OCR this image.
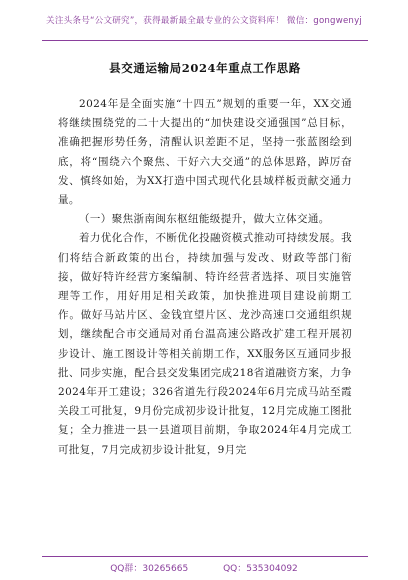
关注头条号“公文研究”，获得最新最全最专业的公文资料库！ 微信：gongwenyj
县交通运输局2024年重点工作思路

2024年是全面实施“十四五”规划的重要一年，XX交通将继续围绕党的二十大提出的“加快建设交通强国”总目标，准确把握形势任务，清醒认识差距不足，坚持一张蓝图绘到底，将“围绕六个聚焦、干好六大交通”的总体思路，踔厉奋发、慎终如始，为XX打造中国式现代化县域样板贡献交通力量。

（一）聚焦浙南闽东枢纽能级提升，做大立体交通。

着力优化合作，不断优化投融资模式推动可持续发展。我们将结合新政策的出台，持续加强与发改、财政等部门衔接，做好特许经营方案编制、特许经营者选择、项目实施管理等工作，用好用足相关政策，加快推进项目建设前期工作。做好马站片区、金钱宜望片区、龙沙高速口交通组织规划，继续配合市交通局对甬台温高速公路改扩建工程开展初步设计、施工图设计等相关前期工作，XX服务区互通同步报批、同步实施，配合县交发集团完成218省道融资方案，力争2024年开工建设；326省道先行段2024年6月完成马站至霞关段工可批复，9月份完成初步设计批复，12月完成施工图批复；全力推进一县一县道项目前期，争取2024年4月完成工可批复，7月完成初步设计批复，9月完

QQ群：30265665	QQ：535304092
